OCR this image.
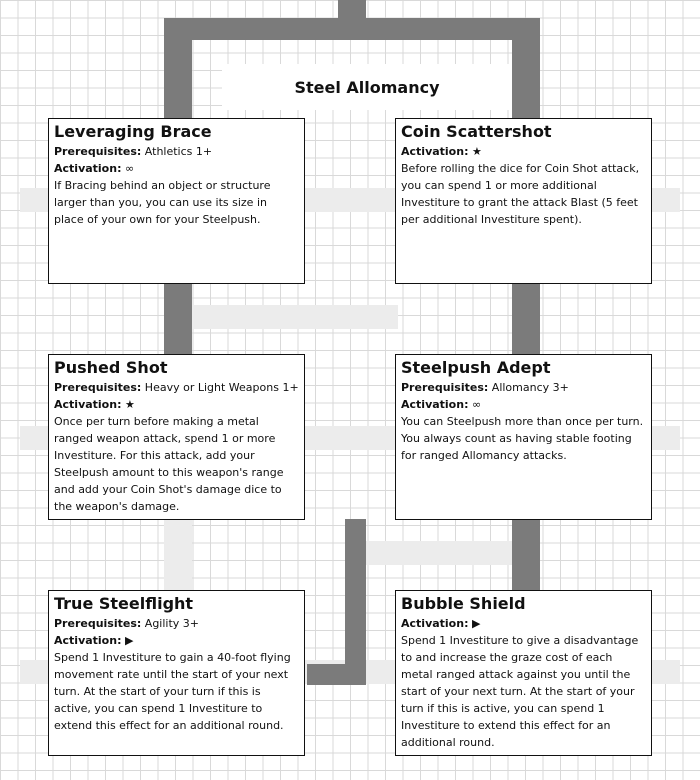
Steel Allomancy
Leveraging Brace

Prerequisites: Athletics 1+

Activation: ∞

If Bracing behind an object or structure larger than you, you can use its size in place of your own for your Steelpush.
Coin Scattershot

Activation: ★

Before rolling the dice for Coin Shot attack, you can spend 1 or more additional Investiture to grant the attack Blast (5 feet per additional Investiture spent).
Pushed Shot

Prerequisites: Heavy or Light Weapons 1+

Activation: ★

Once per turn before making a metal ranged weapon attack, spend 1 or more Investiture. For this attack, add your Steelpush amount to this weapon's range and add your Coin Shot's damage dice to the weapon's damage.
Steelpush Adept

Prerequisites: Allomancy 3+

Activation: ∞

You can Steelpush more than once per turn. You always count as having stable footing for ranged Allomancy attacks.
True Steelflight

Prerequisites: Agility 3+

Activation: ▶

Spend 1 Investiture to gain a 40-foot flying movement rate until the start of your next turn. At the start of your turn if this is active, you can spend 1 Investiture to extend this effect for an additional round.
Bubble Shield

Activation: ▶

Spend 1 Investiture to give a disadvantage to and increase the graze cost of each metal ranged attack against you until the start of your next turn. At the start of your turn if this is active, you can spend 1 Investiture to extend this effect for an additional round.
